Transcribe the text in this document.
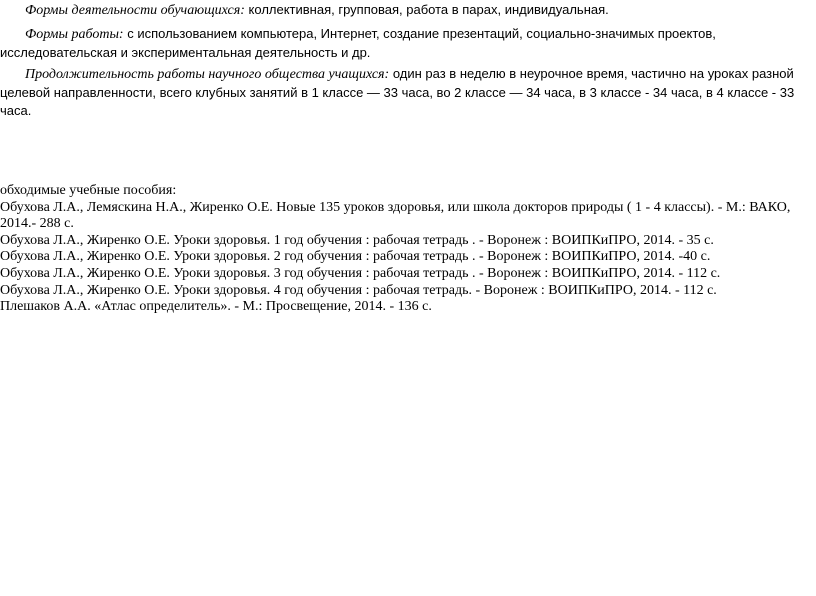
Формы деятельности обучающихся: коллективная, групповая, работа в парах, индивидуальная.

Формы работы: с использованием компьютера, Интернет, создание презентаций, социально-значимых проектов, исследовательская и экспериментальная деятельность и др.

Продолжительность работы научного общества учащихся: один раз в неделю в неурочное время, частично на уроках разной целевой направленности, всего клубных занятий в 1 классе — 33 часа, во 2 классе — 34 часа, в 3 классе - 34 часа, в 4 классе - 33 часа.

обходимые учебные пособия:

Обухова Л.А., Лемяскина Н.А., Жиренко О.Е. Новые 135 уроков здоровья, или школа докторов природы ( 1 - 4 классы). - М.: ВАКО, 2014.- 288 с.
Обухова Л.А., Жиренко О.Е. Уроки здоровья. 1 год обучения : рабочая тетрадь . - Воронеж : ВОИПКиПРО, 2014. - 35 с.
Обухова Л.А., Жиренко О.Е. Уроки здоровья. 2 год обучения : рабочая тетрадь . - Воронеж : ВОИПКиПРО, 2014. -40 с.
Обухова Л.А., Жиренко О.Е. Уроки здоровья. 3 год обучения : рабочая тетрадь . - Воронеж : ВОИПКиПРО, 2014. - 112 с.
Обухова Л.А., Жиренко О.Е. Уроки здоровья. 4 год обучения : рабочая тетрадь. - Воронеж : ВОИПКиПРО, 2014. - 112 с.
Плешаков А.А. «Атлас определитель». - М.: Просвещение, 2014. - 136 с.
